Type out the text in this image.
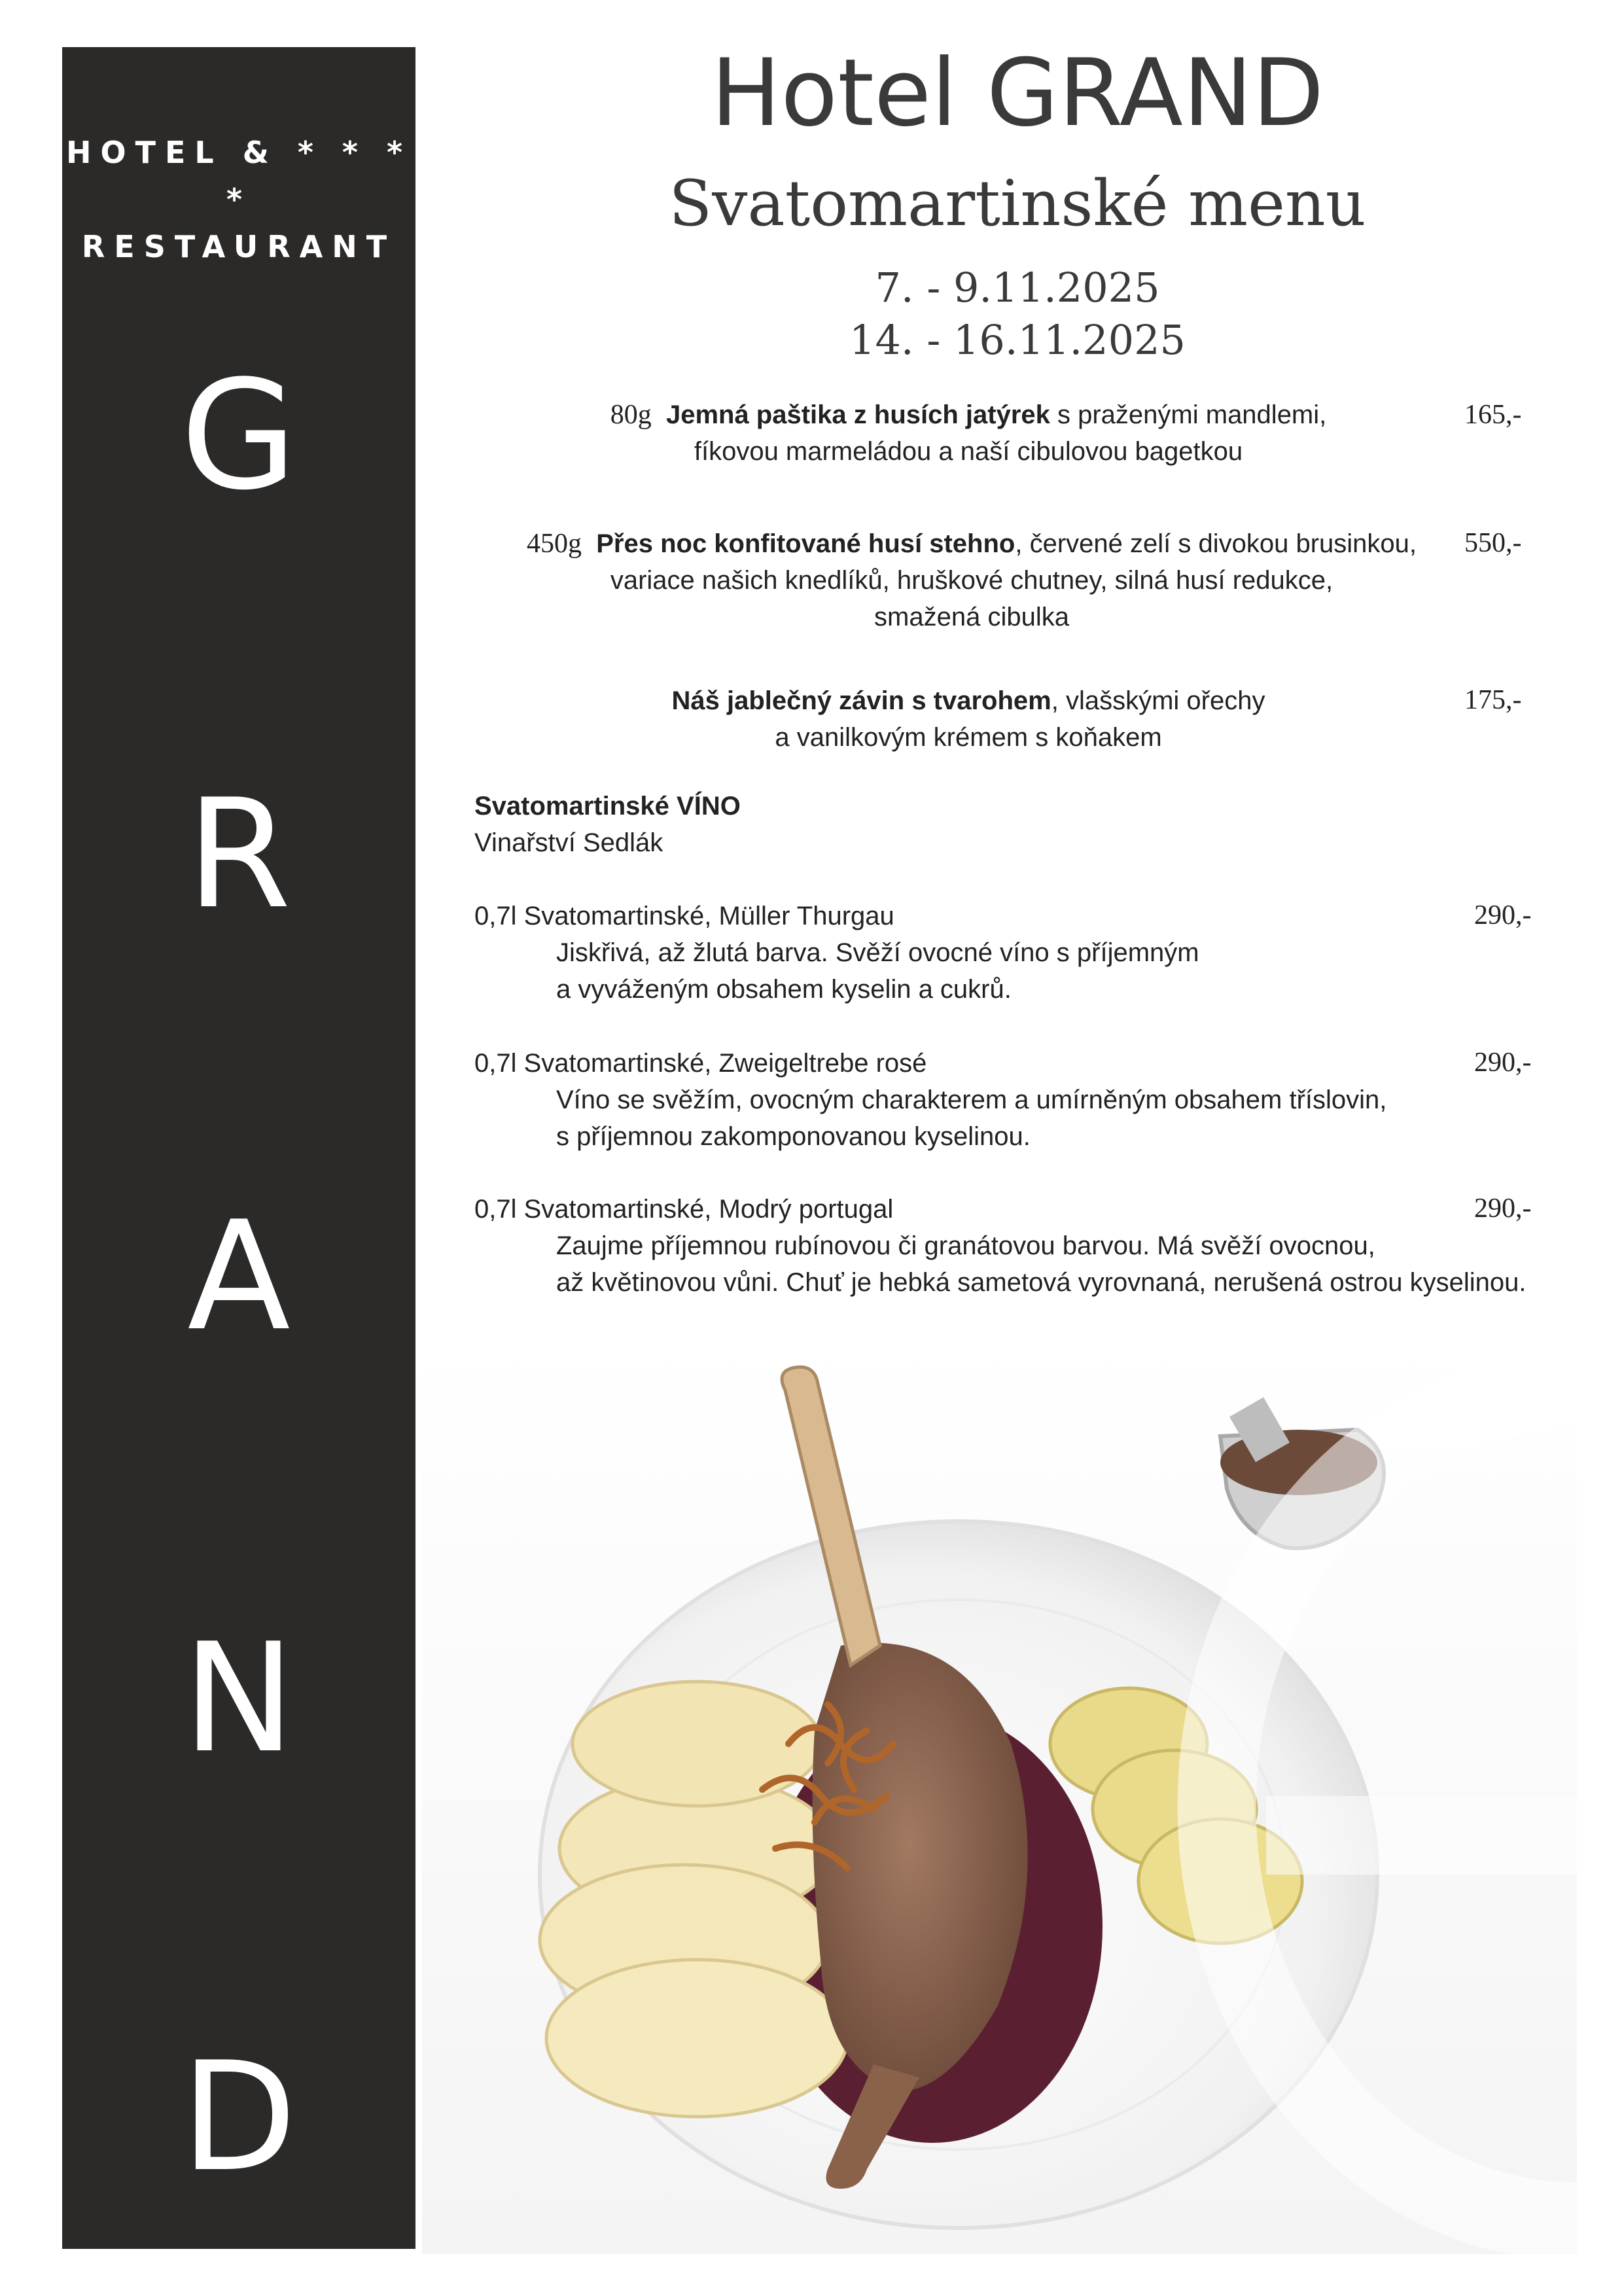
HOTEL & * * * *
RESTAURANT
G
R
A
N
D
Hotel GRAND
Svatomartinské menu
7. - 9.11.2025
14. - 16.11.2025
80g Jemná paštika z husích jatýrek s praženými mandlemi,
fíkovou marmeládou a naší cibulovou bagetkou
165,-
450g Přes noc konfitované husí stehno, červené zelí s divokou brusinkou,
variace našich knedlíků, hruškové chutney, silná husí redukce,
smažená cibulka
550,-
Náš jablečný závin s tvarohem, vlašskými ořechy
a vanilkovým krémem s koňakem
175,-
Svatomartinské VÍNO
Vinařství Sedlák
0,7l Svatomartinské, Müller Thurgau
Jiskřivá, až žlutá barva. Svěží ovocné víno s příjemným
a vyváženým obsahem kyselin a cukrů.
290,-
0,7l Svatomartinské, Zweigeltrebe rosé
Víno se svěžím, ovocným charakterem a umírněným obsahem tříslovin,
s příjemnou zakomponovanou kyselinou.
290,-
0,7l Svatomartinské, Modrý portugal
Zaujme příjemnou rubínovou či granátovou barvou. Má svěží ovocnou,
až květinovou vůni. Chuť je hebká sametová vyrovnaná, nerušená ostrou kyselinou.
290,-
